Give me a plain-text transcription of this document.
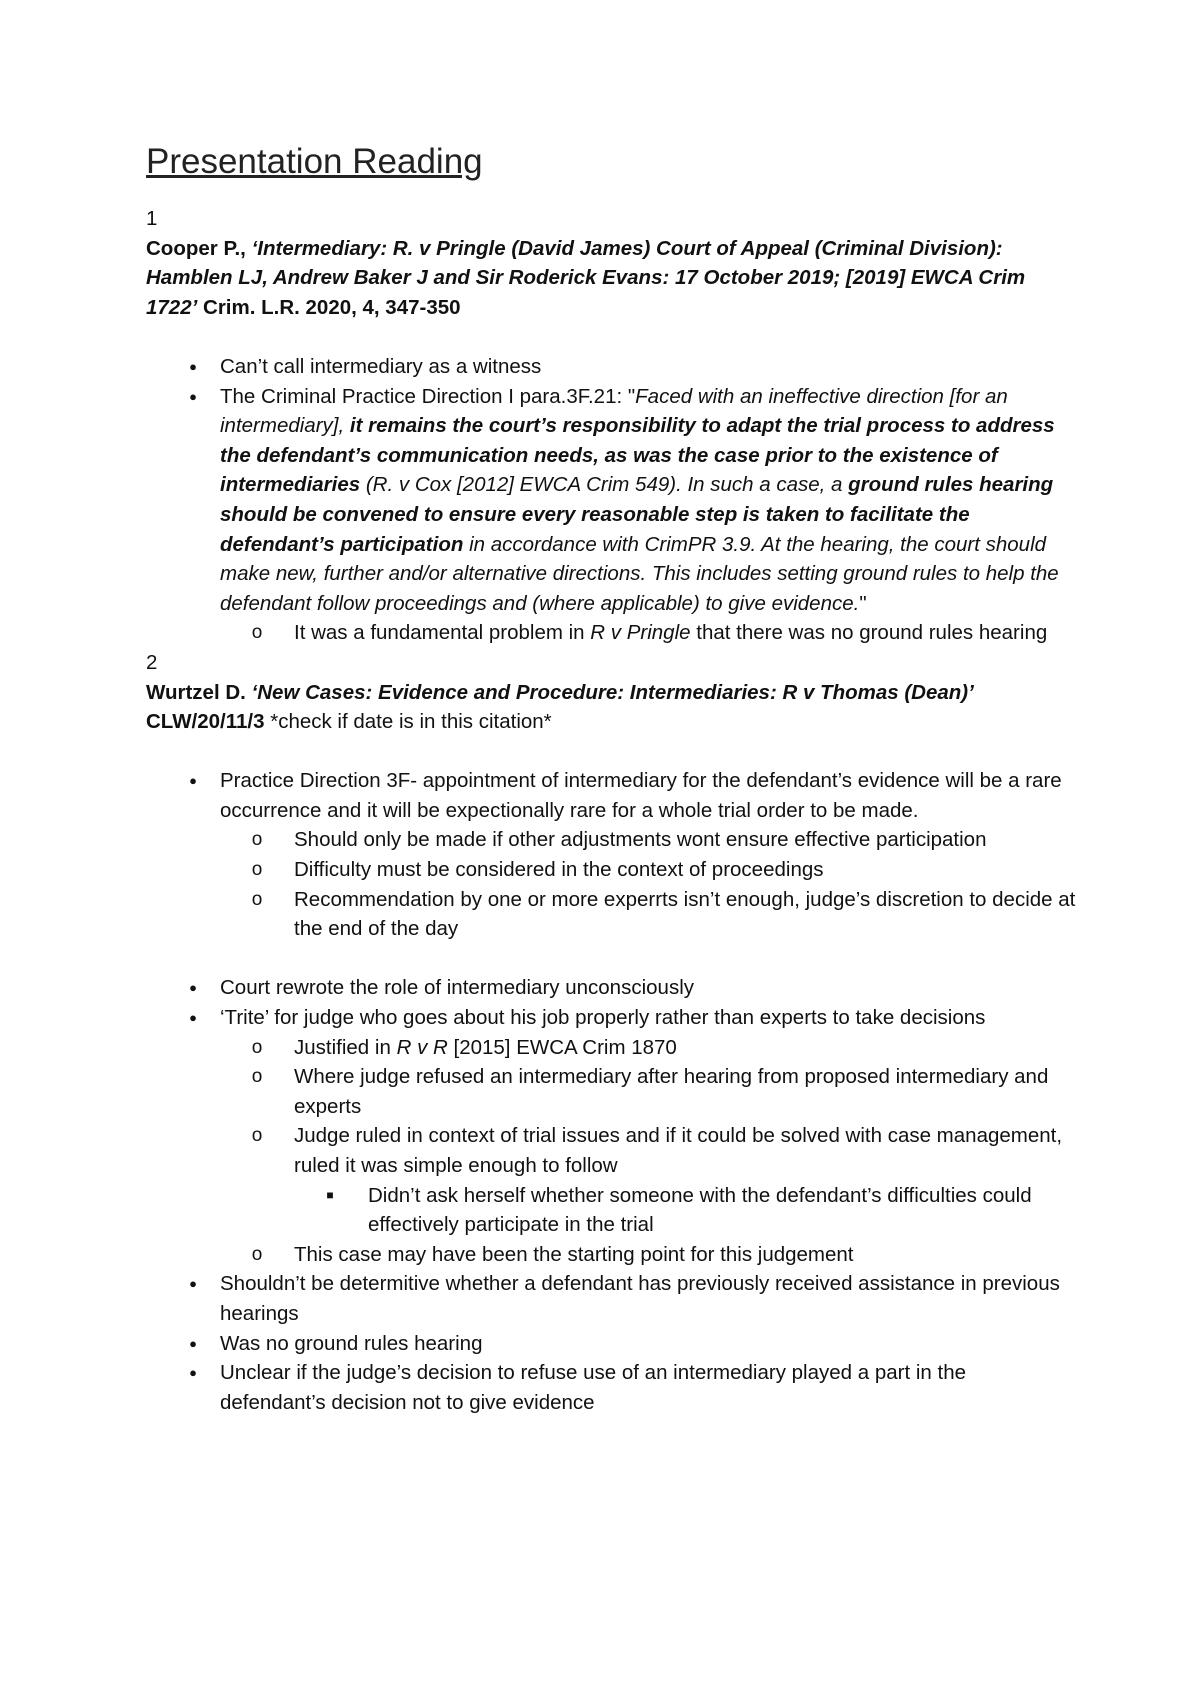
Presentation Reading

1

Cooper P., ‘Intermediary: R. v Pringle (David James) Court of Appeal (Criminal Division): Hamblen LJ, Andrew Baker J and Sir Roderick Evans: 17 October 2019; [2019] EWCA Crim 1722’ Crim. L.R. 2020, 4, 347-350

● Can’t call intermediary as a witness
● The Criminal Practice Direction I para.3F.21: "Faced with an ineffective direction [for an intermediary], it remains the court’s responsibility to adapt the trial process to address the defendant’s communication needs, as was the case prior to the existence of intermediaries (R. v Cox [2012] EWCA Crim 549). In such a case, a ground rules hearing should be convened to ensure every reasonable step is taken to facilitate the defendant’s participation in accordance with CrimPR 3.9. At the hearing, the court should make new, further and/or alternative directions. This includes setting ground rules to help the defendant follow proceedings and (where applicable) to give evidence."
o It was a fundamental problem in R v Pringle that there was no ground rules hearing

2

Wurtzel D. ‘New Cases: Evidence and Procedure: Intermediaries: R v Thomas (Dean)’
CLW/20/11/3 *check if date is in this citation*

● Practice Direction 3F- appointment of intermediary for the defendant’s evidence will be a rare occurrence and it will be expectionally rare for a whole trial order to be made.
o Should only be made if other adjustments wont ensure effective participation
o Difficulty must be considered in the context of proceedings
o Recommendation by one or more experrts isn’t enough, judge’s discretion to decide at the end of the day
● Court rewrote the role of intermediary unconsciously
● ‘Trite’ for judge who goes about his job properly rather than experts to take decisions
o Justified in R v R [2015] EWCA Crim 1870
o Where judge refused an intermediary after hearing from proposed intermediary and experts
o Judge ruled in context of trial issues and if it could be solved with case management, ruled it was simple enough to follow
■ Didn’t ask herself whether someone with the defendant’s difficulties could effectively participate in the trial
o This case may have been the starting point for this judgement
● Shouldn’t be determitive whether a defendant has previously received assistance in previous hearings
● Was no ground rules hearing
● Unclear if the judge’s decision to refuse use of an intermediary played a part in the defendant’s decision not to give evidence
